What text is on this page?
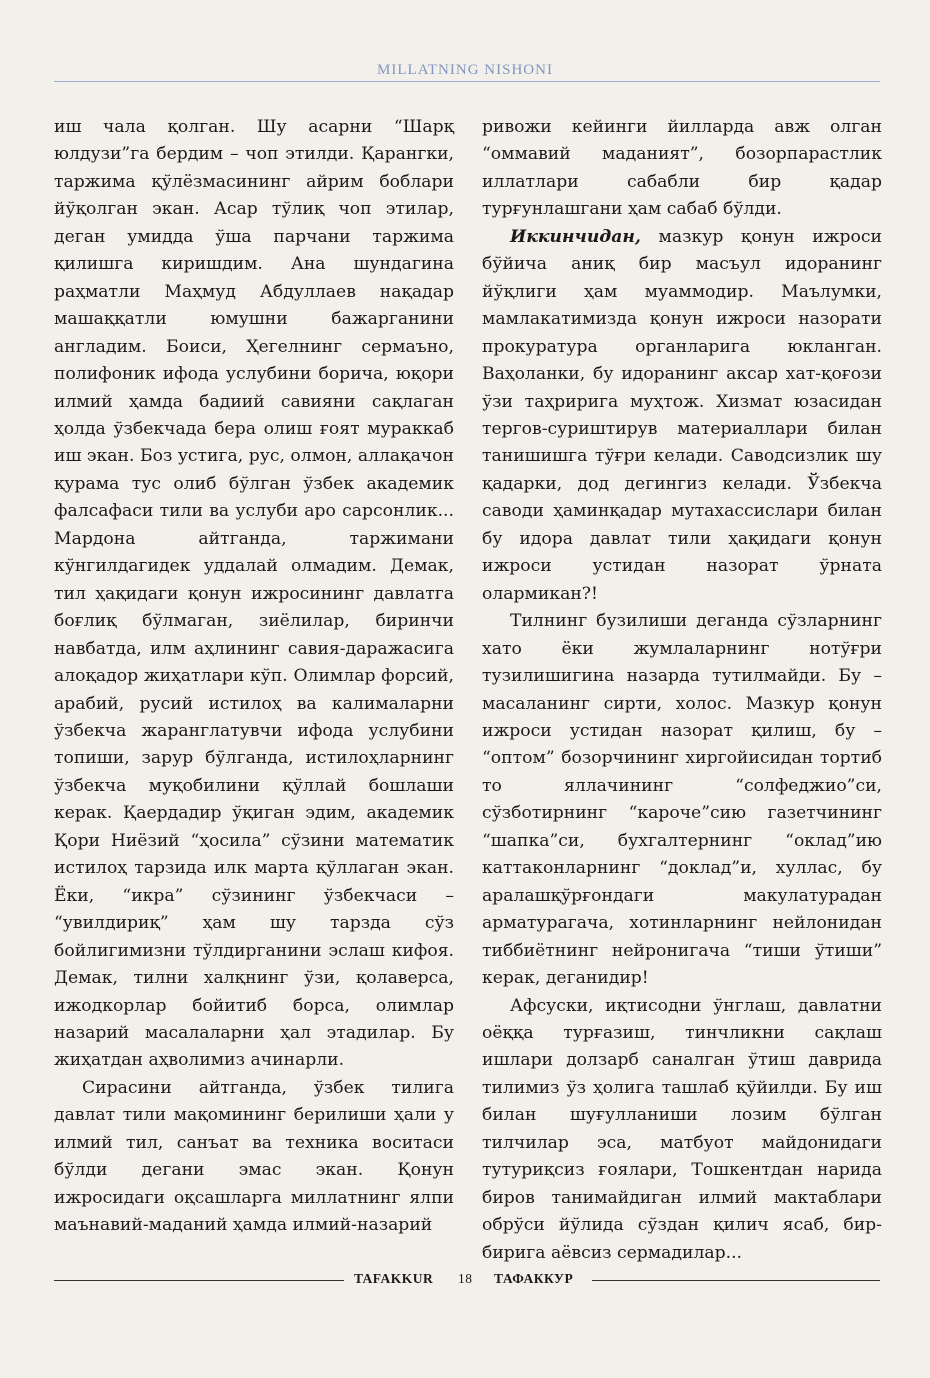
MILLATNING NISHONI

иш чала қолган. Шу асарни “Шарқ юлдузи”га бердим – чоп этилди. Қарангки, таржима қўлёзмасининг айрим боблари йўқолган экан. Асар тўлиқ чоп этилар, деган умидда ўша парчани таржима қилишга киришдим. Ана шундагина раҳматли Маҳмуд Абдуллаев нақадар машаққатли юмушни бажарганини англадим. Боиси, Ҳегелнинг сермаъно, полифоник ифода услубини борича, юқори илмий ҳамда бадиий савияни сақлаган ҳолда ўзбекчада бера олиш ғоят мураккаб иш экан. Боз устига, рус, олмон, аллақачон қурама тус олиб бўлган ўзбек академик фалсафаси тили ва услуби аро сарсонлик... Мардона айтганда, таржимани кўнгилдагидек уддалай олмадим. Демак, тил ҳақидаги қонун ижросининг давлатга боғлиқ бўлмаган, зиёлилар, биринчи навбатда, илм аҳлининг савия-даражасига алоқадор жиҳатлари кўп. Олимлар форсий, арабий, русий истилоҳ ва калималарни ўзбекча жаранглатувчи ифода услубини топиши, зарур бўлганда, истилоҳларнинг ўзбекча муқобилини қўллай бошлаши керак. Қаердадир ўқиган эдим, академик Қори Ниёзий “ҳосила” сўзини математик истилоҳ тарзида илк марта қўллаган экан. Ёки, “икра” сўзининг ўзбекчаси – “увилдириқ” ҳам шу тарзда сўз бойлигимизни тўлдирганини эслаш кифоя. Демак, тилни халқнинг ўзи, қолаверса, ижодкорлар бойитиб борса, олимлар назарий масалаларни ҳал этадилар. Бу жиҳатдан аҳволимиз ачинарли.

Сирасини айтганда, ўзбек тилига давлат тили мақомининг берилиши ҳали у илмий тил, санъат ва техника воситаси бўлди дегани эмас экан. Қонун ижросидаги оқсашларга миллатнинг ялпи маънавий-маданий ҳамда илмий-назарий

ривожи кейинги йилларда авж олган “оммавий маданият”, бозорпарастлик иллатлари сабабли бир қадар турғунлашгани ҳам сабаб бўлди.

Иккинчидан, мазкур қонун ижроси бўйича аниқ бир масъул идоранинг йўқлиги ҳам муаммодир. Маълумки, мамлакатимизда қонун ижроси назорати прокуратура органларига юкланган. Ваҳоланки, бу идоранинг аксар хат-қоғози ўзи таҳририга муҳтож. Хизмат юзасидан тергов-суриштирув материаллари билан танишишга тўғри келади. Саводсизлик шу қадарки, дод дегингиз келади. Ўзбекча саводи ҳаминқадар мутахассислари билан бу идора давлат тили ҳақидаги қонун ижроси устидан назорат ўрната олармикан?!

Тилнинг бузилиши деганда сўзларнинг хато ёки жумлаларнинг нотўғри тузилишигина назарда тутилмайди. Бу – масаланинг сирти, холос. Мазкур қонун ижроси устидан назорат қилиш, бу – “оптом” бозорчининг хиргойисидан тортиб то яллачининг “солфеджио”си, сўзботирнинг “кароче”сию газетчининг “шапка”си, бухгалтернинг “оклад”ию каттаконларнинг “доклад”и, хуллас, бу аралашқўрғондаги макулатурадан арматурагача, хотинларнинг нейлонидан тиббиётнинг нейронигача “тиши ўтиши” керак, деганидир!

Афсуски, иқтисодни ўнглаш, давлатни оёққа турғазиш, тинчликни сақлаш ишлари долзарб саналган ўтиш даврида тилимиз ўз ҳолига ташлаб қўйилди. Бу иш билан шуғулланиши лозим бўлган тилчилар эса, матбуот майдонидаги тутуриқсиз ғоялари, Тошкентдан нарида биров танимайдиган илмий мактаблари обрўси йўлида сўздан қилич ясаб, бир-бирига аёвсиз сермадилар...

TAFAKKUR 18 ТАФАККУР
